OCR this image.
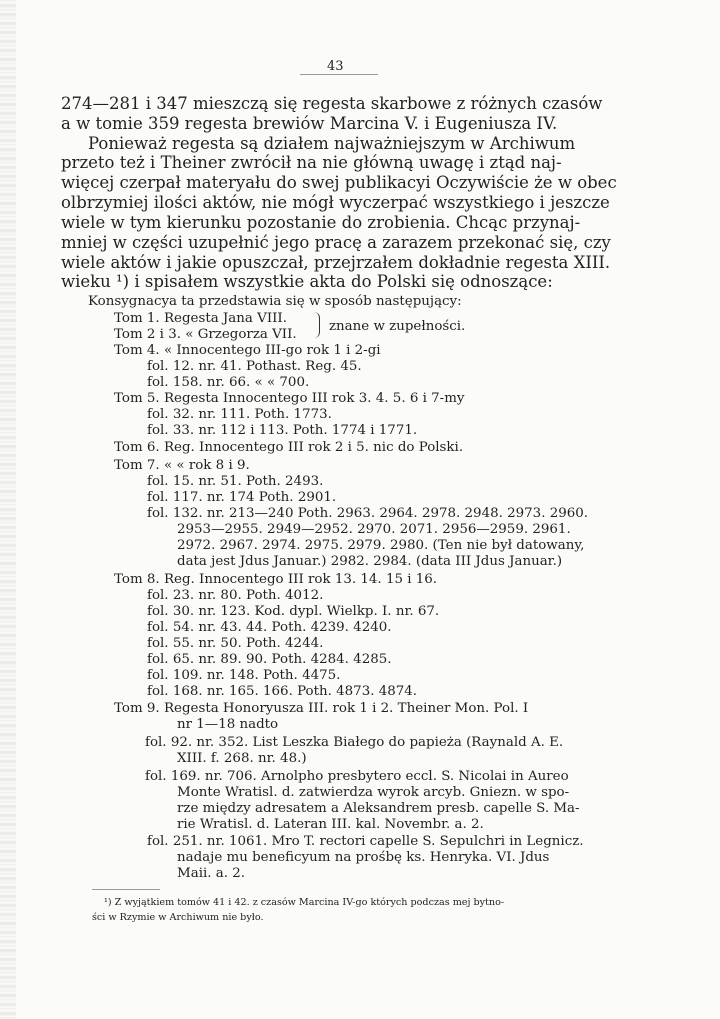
43
274—281 i 347 mieszczą się regesta skarbowe z różnych czasów
a w tomie 359 regesta brewiów Marcina V. i Eugeniusza IV.
Ponieważ regesta są działem najważniejszym w Archiwum
przeto też i Theiner zwrócił na nie główną uwagę i ztąd naj-
więcej czerpał materyału do swej publikacyi Oczywiście że w obec
olbrzymiej ilości aktów, nie mógł wyczerpać wszystkiego i jeszcze
wiele w tym kierunku pozostanie do zrobienia. Chcąc przynaj-
mniej w części uzupełnić jego pracę a zarazem przekonać się, czy
wiele aktów i jakie opuszczał, przejrzałem dokładnie regesta XIII.
wieku ¹) i spisałem wszystkie akta do Polski się odnoszące:
Konsygnacya ta przedstawia się w sposób następujący:
Tom 1. Regesta Jana VIII.
Tom 2 i 3. « Grzegorza VII.
znane w zupełności.
Tom 4. « Innocentego III-go rok 1 i 2-gi
fol. 12. nr. 41. Pothast. Reg. 45.
fol. 158. nr. 66. « « 700.
Tom 5. Regesta Innocentego III rok 3. 4. 5. 6 i 7-my
fol. 32. nr. 111. Poth. 1773.
fol. 33. nr. 112 i 113. Poth. 1774 i 1771.
Tom 6. Reg. Innocentego III rok 2 i 5. nic do Polski.
Tom 7. « « rok 8 i 9.
fol. 15. nr. 51. Poth. 2493.
fol. 117. nr. 174 Poth. 2901.
fol. 132. nr. 213—240 Poth. 2963. 2964. 2978. 2948. 2973. 2960.
2953—2955. 2949—2952. 2970. 2071. 2956—2959. 2961.
2972. 2967. 2974. 2975. 2979. 2980. (Ten nie był datowany,
data jest Jdus Januar.) 2982. 2984. (data III Jdus Januar.)
Tom 8. Reg. Innocentego III rok 13. 14. 15 i 16.
fol. 23. nr. 80. Poth. 4012.
fol. 30. nr. 123. Kod. dypl. Wielkp. I. nr. 67.
fol. 54. nr. 43. 44. Poth. 4239. 4240.
fol. 55. nr. 50. Poth. 4244.
fol. 65. nr. 89. 90. Poth. 4284. 4285.
fol. 109. nr. 148. Poth. 4475.
fol. 168. nr. 165. 166. Poth. 4873. 4874.
Tom 9. Regesta Honoryusza III. rok 1 i 2. Theiner Mon. Pol. I
nr 1—18 nadto
fol. 92. nr. 352. List Leszka Białego do papieża (Raynald A. E.
XIII. f. 268. nr. 48.)
fol. 169. nr. 706. Arnolpho presbytero eccl. S. Nicolai in Aureo
Monte Wratisl. d. zatwierdza wyrok arcyb. Gniezn. w spo-
rze między adresatem a Aleksandrem presb. capelle S. Ma-
rie Wratisl. d. Lateran III. kal. Novembr. a. 2.
fol. 251. nr. 1061. Mro T. rectori capelle S. Sepulchri in Legnicz.
nadaje mu beneficyum na prośbę ks. Henryka. VI. Jdus
Maii. a. 2.
¹) Z wyjątkiem tomów 41 i 42. z czasów Marcina IV-go których podczas mej bytno-
ści w Rzymie w Archiwum nie było.
